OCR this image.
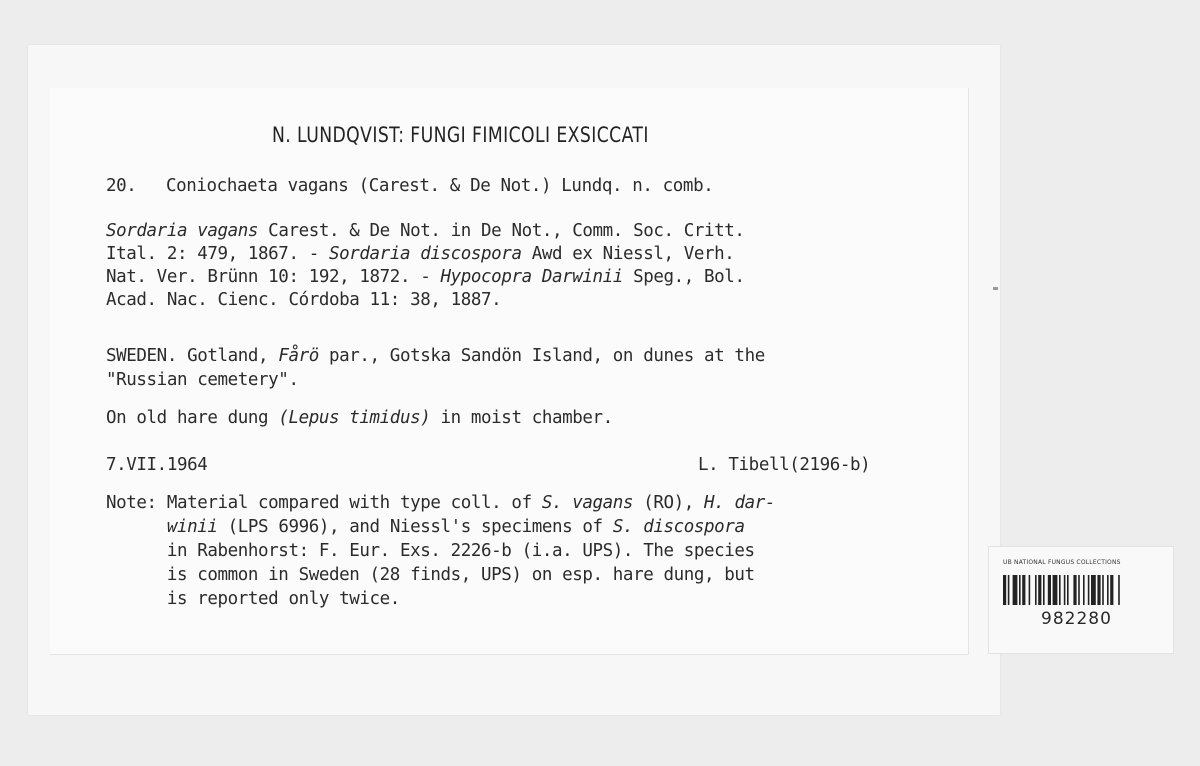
N. LUNDQVIST: FUNGI FIMICOLI EXSICCATI
20. Coniochaeta vagans (Carest. & De Not.) Lundq. n. comb.
Sordaria vagans Carest. & De Not. in De Not., Comm. Soc. Critt.
Ital. 2: 479, 1867. - Sordaria discospora Awd ex Niessl, Verh.
Nat. Ver. Brünn 10: 192, 1872. - Hypocopra Darwinii Speg., Bol.
Acad. Nac. Cienc. Córdoba 11: 38, 1887.
SWEDEN. Gotland, Fårö par., Gotska Sandön Island, on dunes at the
"Russian cemetery".
On old hare dung (Lepus timidus) in moist chamber.
7.VII.1964	L. Tibell(2196-b)
Note: Material compared with type coll. of S. vagans (RO), H. dar-
winii (LPS 6996), and Niessl's specimens of S. discospora
in Rabenhorst: F. Eur. Exs. 2226-b (i.a. UPS). The species
is common in Sweden (28 finds, UPS) on esp. hare dung, but
is reported only twice.
UB NATIONAL FUNGUS COLLECTIONS
982280
